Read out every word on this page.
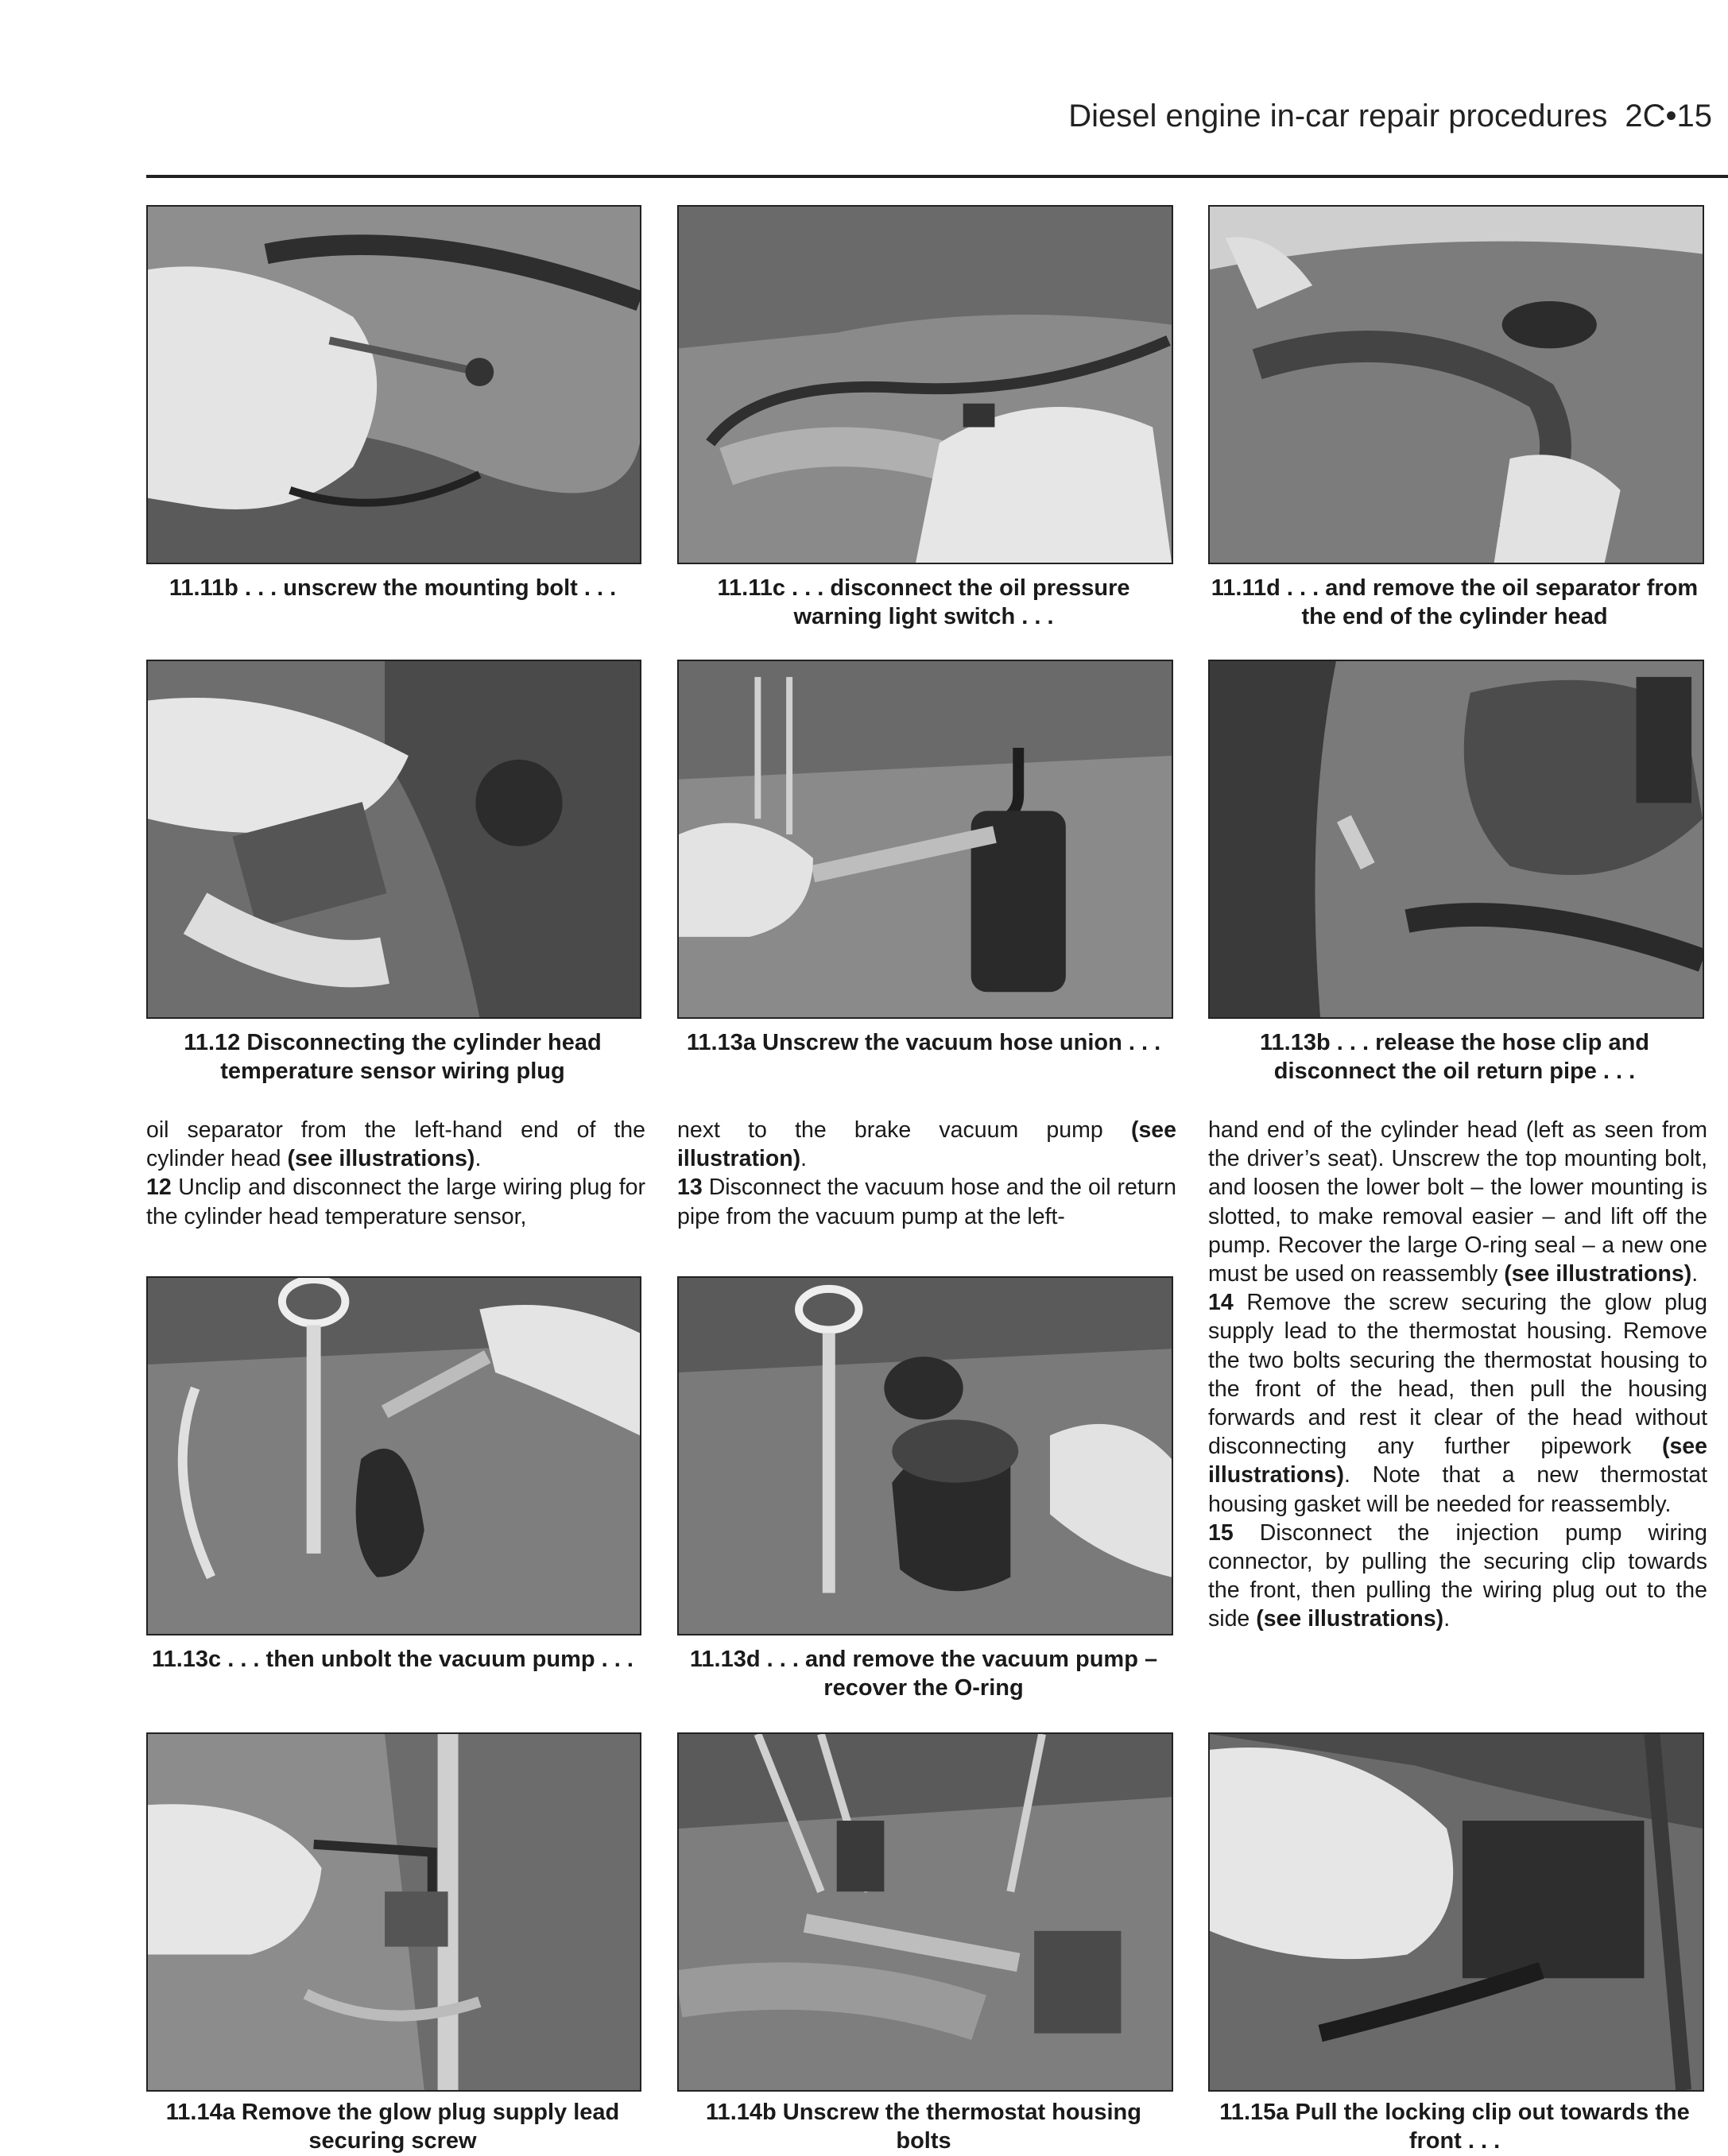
Diesel engine in-car repair procedures 2C•15
11.11b . . . unscrew the mounting bolt . . .	11.11c . . . disconnect the oil pressure warning light switch . . .
11.11d . . . and remove the oil separator from the end of the cylinder head
11.12 Disconnecting the cylinder head temperature sensor wiring plug
11.13a Unscrew the vacuum hose union . . .	11.13b . . . release the hose clip and disconnect the oil return pipe . . .

oil separator from the left-hand end of the cylinder head (see illustrations).

12 Unclip and disconnect the large wiring plug for the cylinder head temperature sensor,

next to the brake vacuum pump (see illustration).

13 Disconnect the vacuum hose and the oil return pipe from the vacuum pump at the left-

hand end of the cylinder head (left as seen from the driver’s seat). Unscrew the top mounting bolt, and loosen the lower bolt – the lower mounting is slotted, to make removal easier – and lift off the pump. Recover the large O-ring seal – a new one must be used on reassembly (see illustrations).

14 Remove the screw securing the glow plug supply lead to the thermostat housing. Remove the two bolts securing the thermostat housing to the front of the head, then pull the housing forwards and rest it clear of the head without disconnecting any further pipework (see illustrations). Note that a new thermostat housing gasket will be needed for reassembly.

15 Disconnect the injection pump wiring connector, by pulling the securing clip towards the front, then pulling the wiring plug out to the side (see illustrations).

11.13c . . . then unbolt the vacuum pump . . .	11.13d . . . and remove the vacuum pump – recover the O-ring
11.14a Remove the glow plug supply lead securing screw
11.14b Unscrew the thermostat housing bolts
11.15a Pull the locking clip out towards the front . . .
